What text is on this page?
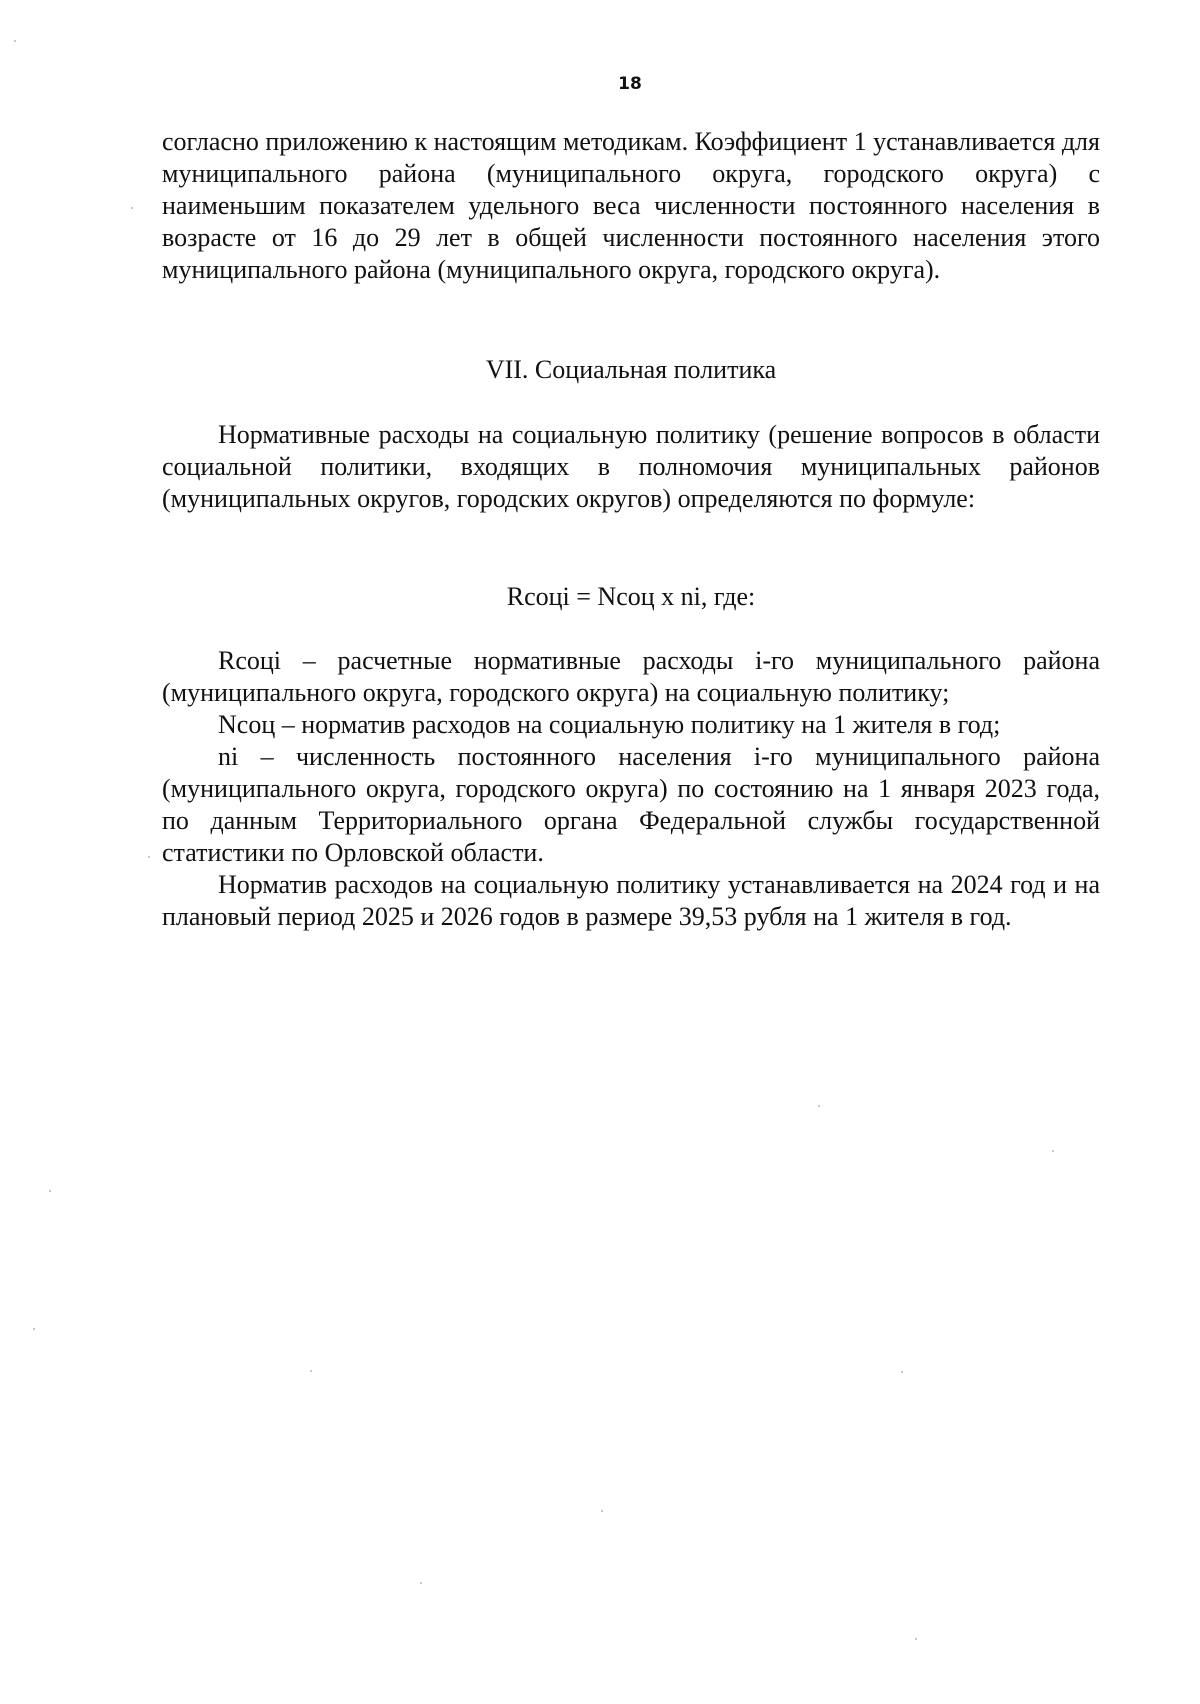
18

согласно приложению к настоящим методикам. Коэффициент 1 устанавливается для муниципального района (муниципального округа, городского округа) с наименьшим показателем удельного веса численности постоянного населения в возрасте от 16 до 29 лет в общей численности постоянного населения этого муниципального района (муниципального округа, городского округа).

VII. Социальная политика

Нормативные расходы на социальную политику (решение вопросов в области социальной политики, входящих в полномочия муниципальных районов (муниципальных округов, городских округов) определяются по формуле:

Rсоцi = Nсоц x ni, где:

Rсоцi – расчетные нормативные расходы i-го муниципального района (муниципального округа, городского округа) на социальную политику;

Nсоц – норматив расходов на социальную политику на 1 жителя в год;

ni – численность постоянного населения i-го муниципального района (муниципального округа, городского округа) по состоянию на 1 января 2023 года, по данным Территориального органа Федеральной службы государственной статистики по Орловской области.

Норматив расходов на социальную политику устанавливается на 2024 год и на плановый период 2025 и 2026 годов в размере 39,53 рубля на 1 жителя в год.
